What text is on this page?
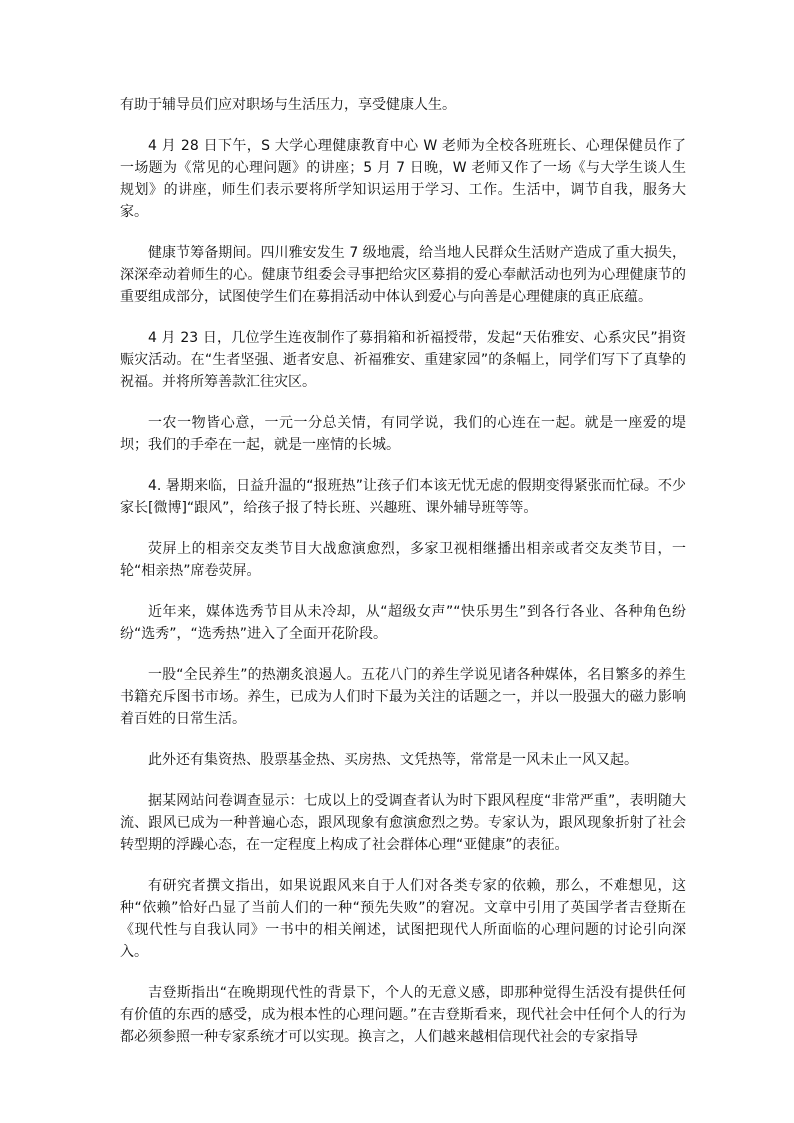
有助于辅导员们应对职场与生活压力，享受健康人生。

4 月 28 日下午，S 大学心理健康教育中心 W 老师为全校各班班长、心理保健员作了一场题为《常见的心理问题》的讲座；5 月 7 日晚，W 老师又作了一场《与大学生谈人生规划》的讲座，师生们表示要将所学知识运用于学习、工作。生活中，调节自我，服务大家。

健康节筹备期间。四川雅安发生 7 级地震，给当地人民群众生活财产造成了重大损失，深深牵动着师生的心。健康节组委会寻事把给灾区募捐的爱心奉献活动也列为心理健康节的重要组成部分，试图使学生们在募捐活动中体认到爱心与向善是心理健康的真正底蕴。

4 月 23 日，几位学生连夜制作了募捐箱和祈福授带，发起“天佑雅安、心系灾民”捐资赈灾活动。在“生者坚强、逝者安息、祈福雅安、重建家园”的条幅上，同学们写下了真挚的祝福。并将所筹善款汇往灾区。

一农一物皆心意，一元一分总关情，有同学说，我们的心连在一起。就是一座爱的堤坝；我们的手牵在一起，就是一座情的长城。

4. 暑期来临，日益升温的“报班热”让孩子们本该无忧无虑的假期变得紧张而忙碌。不少家长[微博]“跟风”，给孩子报了特长班、兴趣班、课外辅导班等等。

荧屏上的相亲交友类节目大战愈演愈烈，多家卫视相继播出相亲或者交友类节目，一轮“相亲热”席卷荧屏。

近年来，媒体选秀节目从未冷却，从“超级女声”“快乐男生”到各行各业、各种角色纷纷“选秀”，“选秀热”进入了全面开花阶段。

一股“全民养生”的热潮炙浪遏人。五花八门的养生学说见诸各种媒体，名目繁多的养生书籍充斥图书市场。养生，已成为人们时下最为关注的话题之一，并以一股强大的磁力影响着百姓的日常生活。

此外还有集资热、股票基金热、买房热、文凭热等，常常是一风未止一风又起。

据某网站问卷调查显示：七成以上的受调查者认为时下跟风程度“非常严重”，表明随大流、跟风已成为一种普遍心态，跟风现象有愈演愈烈之势。专家认为，跟风现象折射了社会转型期的浮躁心态，在一定程度上构成了社会群体心理“亚健康”的表征。

有研究者撰文指出，如果说跟风来自于人们对各类专家的依赖，那么，不难想见，这种“依赖”恰好凸显了当前人们的一种“预先失败”的窘况。文章中引用了英国学者吉登斯在《现代性与自我认同》一书中的相关阐述，试图把现代人所面临的心理问题的讨论引向深入。

吉登斯指出“在晚期现代性的背景下，个人的无意义感，即那种觉得生活没有提供任何有价值的东西的感受，成为根本性的心理问题。”在吉登斯看来，现代社会中任何个人的行为都必须参照一种专家系统才可以实现。换言之，人们越来越相信现代社会的专家指导
